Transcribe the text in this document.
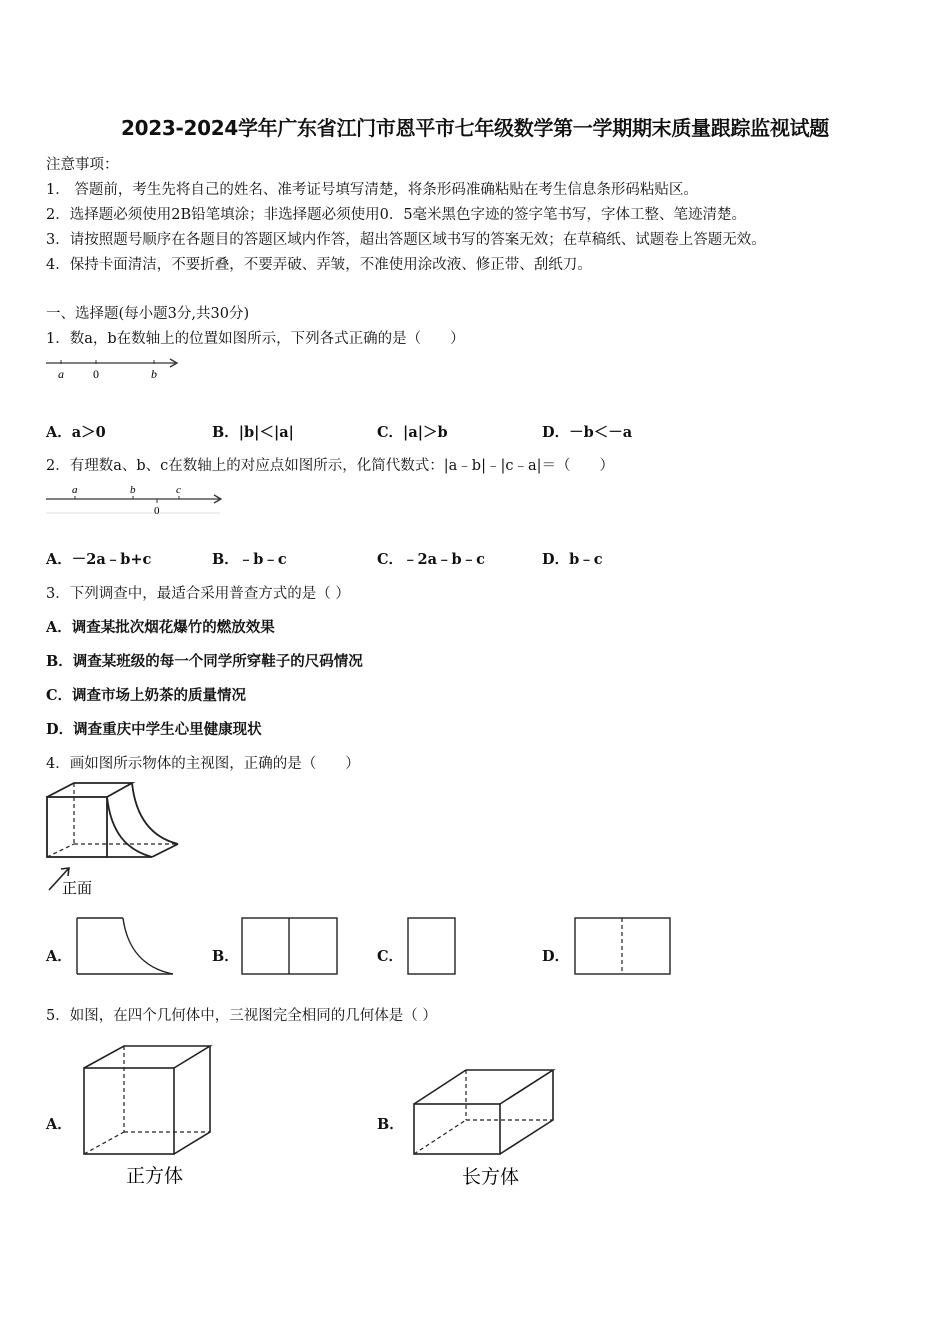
2023-2024学年广东省江门市恩平市七年级数学第一学期期末质量跟踪监视试题
注意事项：
1． 答题前，考生先将自己的姓名、准考证号填写清楚，将条形码准确粘贴在考生信息条形码粘贴区。
2．选择题必须使用2B铅笔填涂；非选择题必须使用0．5毫米黑色字迹的签字笔书写，字体工整、笔迹清楚。
3．请按照题号顺序在各题目的答题区域内作答，超出答题区域书写的答案无效；在草稿纸、试题卷上答题无效。
4．保持卡面清洁，不要折叠，不要弄破、弄皱，不准使用涂改液、修正带、刮纸刀。
一、选择题(每小题3分,共30分)
1．数a，b在数轴上的位置如图所示，下列各式正确的是（　　）
a 0	b
A．a＞0	B．|b|＜|a|	C．|a|＞b	D．－b＜－a
2．有理数a、b、c在数轴上的对应点如图所示，化简代数式：|a﹣b|﹣|c﹣a|＝（　　）
a	b	c
0
A．－2a﹣b+c	B．﹣b﹣c	C．﹣2a﹣b﹣c	D．b﹣c
3．下列调查中，最适合采用普查方式的是（ ）
A．调查某批次烟花爆竹的燃放效果
B．调查某班级的每一个同学所穿鞋子的尺码情况
C．调查市场上奶茶的质量情况
D．调查重庆中学生心里健康现状
4．画如图所示物体的主视图，正确的是（　　）
正面
A．	B．	C．	D．
5．如图，在四个几何体中，三视图完全相同的几何体是（ ）
A．
正方体
B．
长方体
